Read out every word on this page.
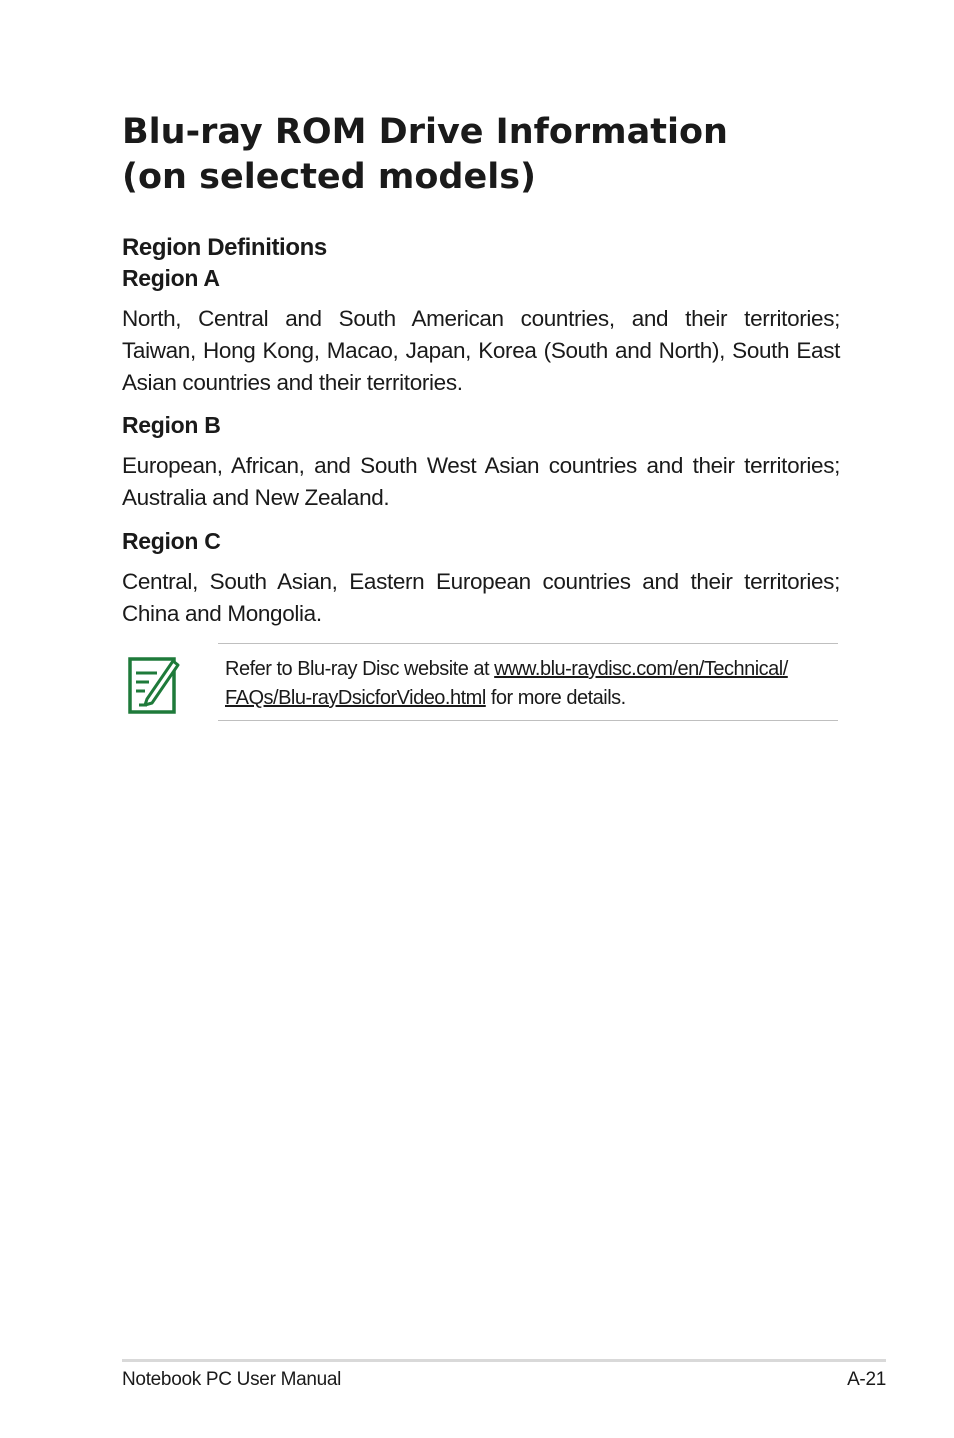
Blu-ray ROM Drive Information
(on selected models)
Region Definitions
Region A

North, Central and South American countries, and their territories;
Taiwan, Hong Kong, Macao, Japan, Korea (South and North), South East
Asian countries and their territories.

Region B

European, African, and South West Asian countries and their territories;
Australia and New Zealand.

Region C

Central, South Asian, Eastern European countries and their territories;
China and Mongolia.

Refer to Blu-ray Disc website at www.blu-raydisc.com/en/Technical/
FAQs/Blu-rayDsicforVideo.html for more details.

Notebook PC User Manual	A-21
